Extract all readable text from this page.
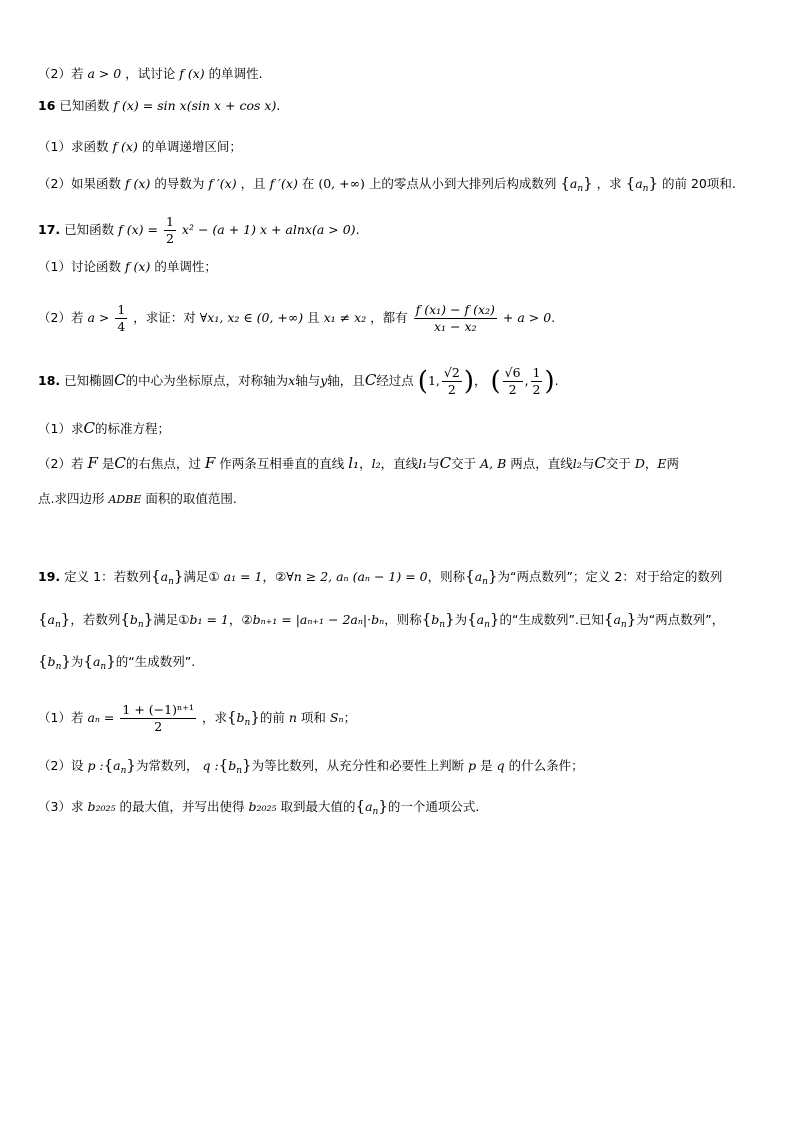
（2）若 a > 0 ，试讨论 f (x) 的单调性.
16 已知函数 f (x) = sin x(sin x + cos x).
（1）求函数 f (x) 的单调递增区间；
（2）如果函数 f (x) 的导数为 f ′(x) ，且 f ′(x) 在 (0, +∞) 上的零点从小到大排列后构成数列 $\{a_n\}$ ，求 $\{a_n\}$ 的前 20项和.
17. 已知函数 f $(x) = \frac{1}{2} x^2 - (a + 1) x + alnx(a > 0)$.
（1）讨论函数 f (x) 的单调性；
（2）若 $a > \frac{1}{4}$ ，求证：对 ∀x₁, x₂ ∈ (0, +∞) 且 x₁ ≠ x₂ ，都有 $\frac{\text{f (x₁) − f (x₂)}}{\text{x₁ − x₂}} + a > 0$.
18. 已知椭圆C的中心为坐标原点，对称轴为x轴与y轴，且C经过点 (1, $\frac{√2}{2}$ )， ( $\frac{√6}{2}$ , $\frac{1}{2}$ ).
（1）求C的标准方程；
（2）若 F 是C的右焦点，过 F 作两条互相垂直的直线 l₁，l₂，直线l₁与C交于 A, B 两点，直线l₂与C交于 D，E两
点.求四边形 ADBE 面积的取值范围.
19. 定义 1：若数列$\{a_n\}$满足① a₁ = 1，②∀n ≥ 2, aₙ (aₙ − 1) = 0，则称$\{a_n\}$为“两点数列”；定义 2：对于给定的数列
$\{a_n\}$，若数列$\{b_n\}$满足①b₁ = 1，②bₙ₊₁ = |aₙ₊₁ − 2aₙ|·bₙ，则称$\{b_n\}$为$\{a_n\}$的“生成数列”.已知$\{a_n\}$为“两点数列”，
$\{b_n\}$为$\{a_n\}$的“生成数列”.
（1）若 $a_n = \frac{\text{1 + (−1)ⁿ⁺¹}}{2}$ ，求$\{b_n\}$的前 n 项和 Sₙ；
（2）设 p $:\{a_n\}$为常数列， q $:\{b_n\}$为等比数列，从充分性和必要性上判断 p 是 q 的什么条件；
（3）求 b₂₀₂₅ 的最大值，并写出使得 b₂₀₂₅ 取到最大值的$\{a_n\}$的一个通项公式.
